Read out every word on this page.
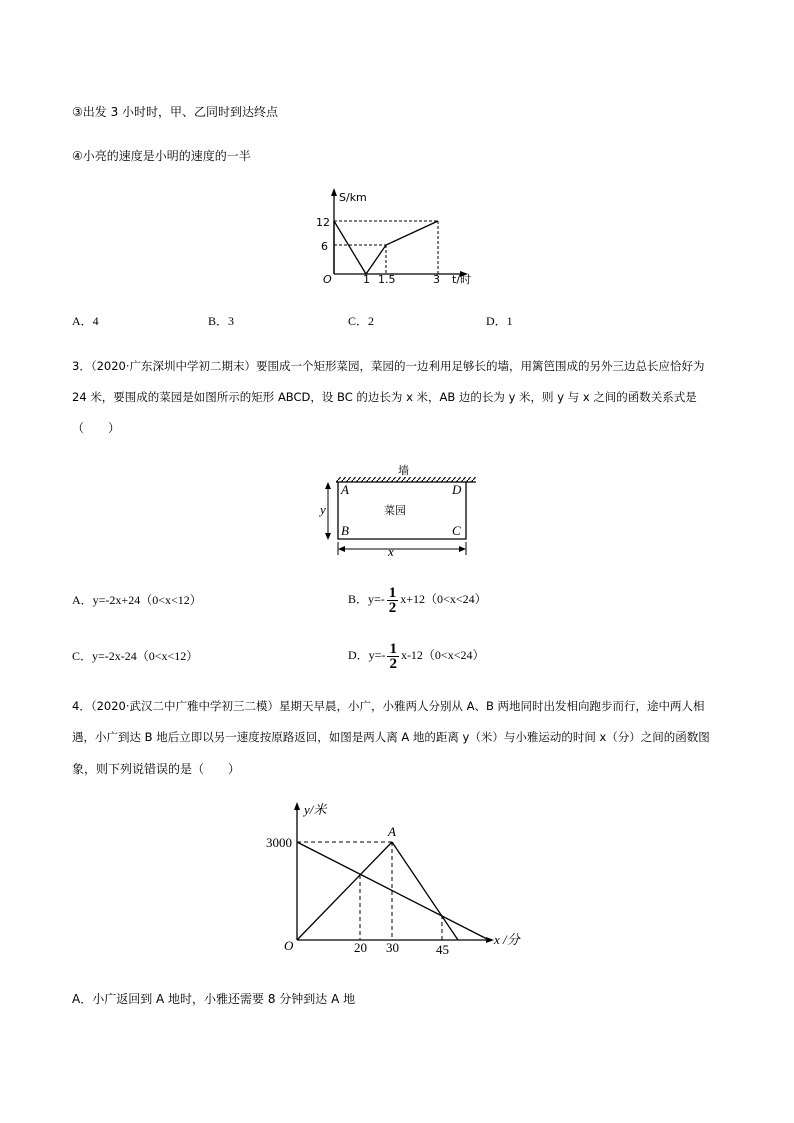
③出发 3 小时时，甲、乙同时到达终点
④小亮的速度是小明的速度的一半
S/km
12
6
O	1 1.5	3 t/时
A．4	B．3	C．2	D．1
3．（2020·广东深圳中学初二期末）要围成一个矩形菜园，菜园的一边利用足够长的墙，用篱笆围成的另外三边总长应恰好为
24 米，要围成的菜园是如图所示的矩形 ABCD，设 BC 的边长为 x 米，AB 边的长为 y 米，则 y 与 x 之间的函数关系式是
（　　）
墙
A	D
B	C
菜园
y
x
A．y=-2x+24（0<x<12）	B．$y=- \frac{1}{2} x+12(0<x<24)$
C．y=-2x-24（0<x<12）	D．$y=- \frac{1}{2} x-12(0<x<24)$
4．（2020·武汉二中广雅中学初三二模）星期天早晨，小广，小雅两人分别从 A、B 两地同时出发相向跑步而行，途中两人相
遇，小广到达 B 地后立即以另一速度按原路返回，如图是两人离 A 地的距离 y（米）与小雅运动的时间 x（分）之间的函数图
象，则下列说错误的是（　　）
y/米
3000
A
O	20 30	45
x /分
A．小广返回到 A 地时，小雅还需要 8 分钟到达 A 地
